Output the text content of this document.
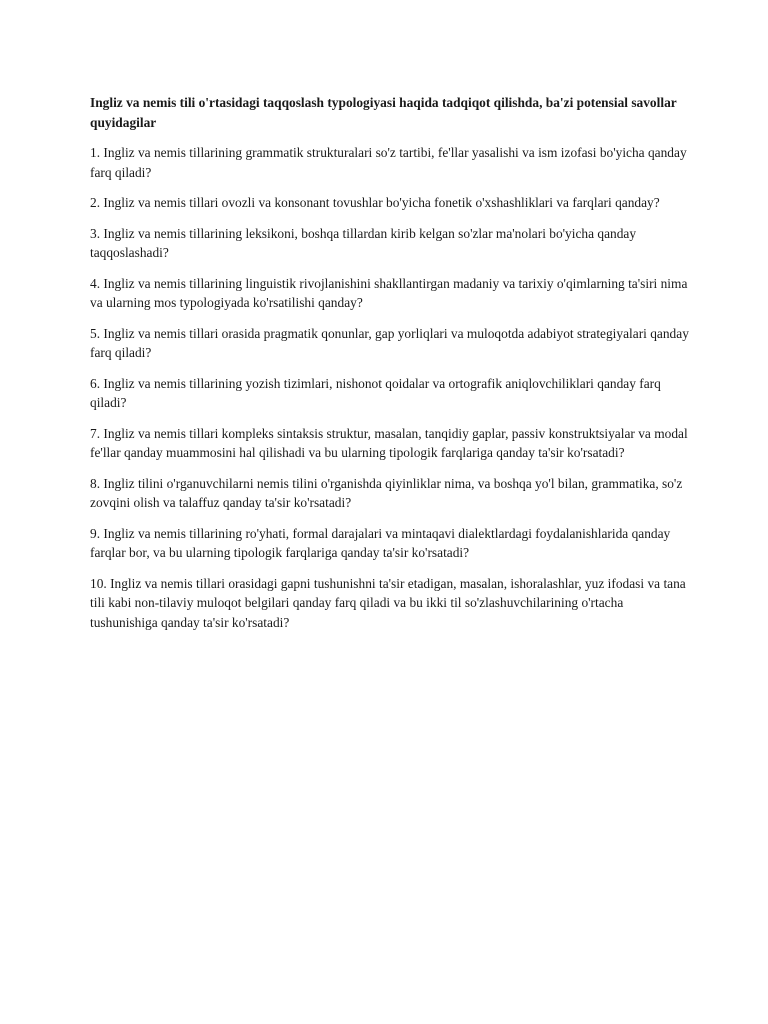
Ingliz va nemis tili o'rtasidagi taqqoslash typologiyasi haqida tadqiqot qilishda, ba'zi potensial savollar quyidagilar

1. Ingliz va nemis tillarining grammatik strukturalari so'z tartibi, fe'llar yasalishi va ism izofasi bo'yicha qanday farq qiladi?

2. Ingliz va nemis tillari ovozli va konsonant tovushlar bo'yicha fonetik o'xshashliklari va farqlari qanday?

3. Ingliz va nemis tillarining leksikoni, boshqa tillardan kirib kelgan so'zlar ma'nolari bo'yicha qanday taqqoslashadi?

4. Ingliz va nemis tillarining linguistik rivojlanishini shakllantirgan madaniy va tarixiy o'qimlarning ta'siri nima va ularning mos typologiyada ko'rsatilishi qanday?

5. Ingliz va nemis tillari orasida pragmatik qonunlar, gap yorliqlari va muloqotda adabiyot strategiyalari qanday farq qiladi?

6. Ingliz va nemis tillarining yozish tizimlari, nishonot qoidalar va ortografik aniqlovchiliklari qanday farq qiladi?

7. Ingliz va nemis tillari kompleks sintaksis struktur, masalan, tanqidiy gaplar, passiv konstruktsiyalar va modal fe'llar qanday muammosini hal qilishadi va bu ularning tipologik farqlariga qanday ta'sir ko'rsatadi?

8. Ingliz tilini o'rganuvchilarni nemis tilini o'rganishda qiyinliklar nima, va boshqa yo'l bilan, grammatika, so'z zovqini olish va talaffuz qanday ta'sir ko'rsatadi?

9. Ingliz va nemis tillarining ro'yhati, formal darajalari va mintaqavi dialektlardagi foydalanishlarida qanday farqlar bor, va bu ularning tipologik farqlariga qanday ta'sir ko'rsatadi?

10. Ingliz va nemis tillari orasidagi gapni tushunishni ta'sir etadigan, masalan, ishoralashlar, yuz ifodasi va tana tili kabi non-tilaviy muloqot belgilari qanday farq qiladi va bu ikki til so'zlashuvchilarining o'rtacha tushunishiga qanday ta'sir ko'rsatadi?
